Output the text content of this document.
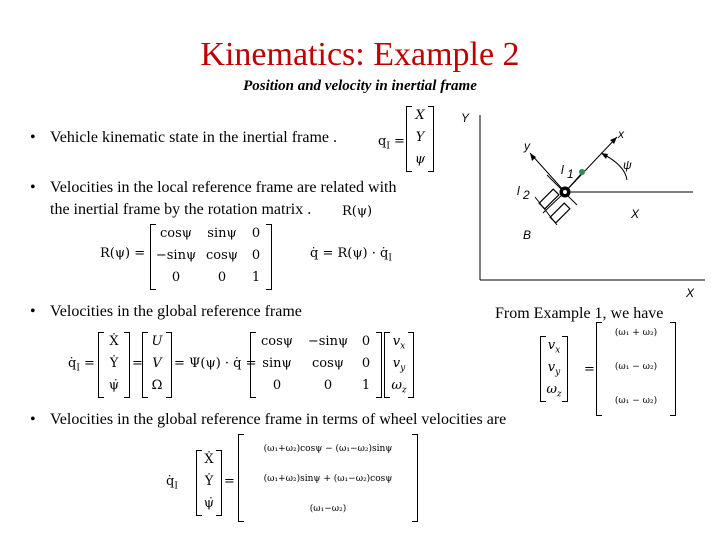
Kinematics: Example 2
Position and velocity in inertial frame
• Vehicle kinematic state in the inertial frame .	$q_I$ =
X
Y
ψ
• Velocities in the local reference frame are related with
the inertial frame by the rotation matrix . R(ψ)
R(ψ) =
cosψ	sinψ	0
−sinψ cosψ	0
0	0	1
q̇ = $R(\psi) \cdot q̇_I$
• Velocities in the global reference frame	From Example 1, we have
$q̇_I$ =
Ẋ
Ẏ
ψ̇
=
U
V
Ω
= Ψ(ψ) · q̇ =
cosψ	−sinψ	0
sinψ	cosψ	0
0	0	1
$v_x$
$v_y$
$\omega_z$
$v_x$
$v_y$
$\omega_z$
=
(ω₁ + ω₂)
(ω₁ − ω₂)
(ω₁ − ω₂)
• Velocities in the global reference frame in terms of wheel velocities are
$q̇_I$
Ẋ
Ẏ
ψ̇
=
(ω₁+ω₂)cosψ − (ω₁−ω₂)sinψ
(ω₁+ω₂)sinψ + (ω₁−ω₂)cosψ
(ω₁−ω₂)
Y
X
X
x
y
ψ
l 1
l 2
B
